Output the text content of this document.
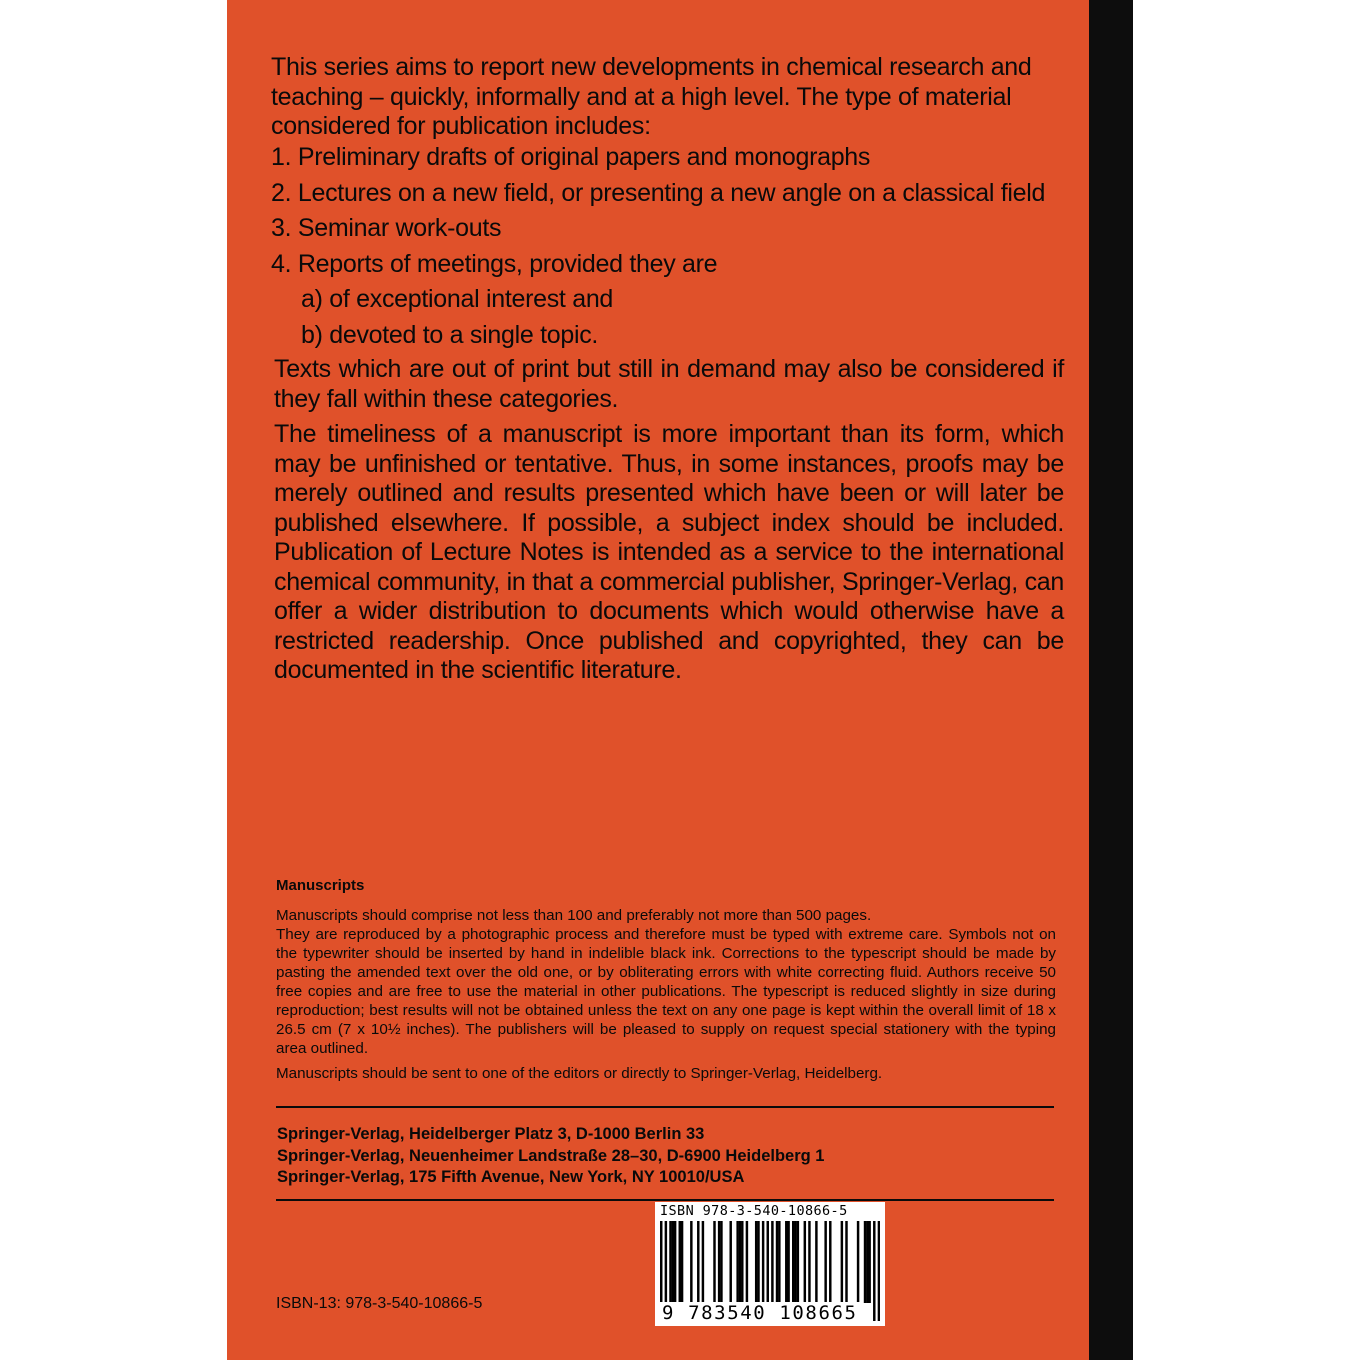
This series aims to report new developments in chemical research and teaching – quickly, informally and at a high level. The type of material considered for publication includes:
1. Preliminary drafts of original papers and monographs
2. Lectures on a new field, or presenting a new angle on a classical field
3. Seminar work-outs
4. Reports of meetings, provided they are
a) of exceptional interest and
b) devoted to a single topic.
Texts which are out of print but still in demand may also be considered if they fall within these categories.
The timeliness of a manuscript is more important than its form, which may be unfinished or tentative. Thus, in some instances, proofs may be merely outlined and results presented which have been or will later be published elsewhere. If possible, a subject index should be included. Publication of Lecture Notes is intended as a service to the international chemical community, in that a commercial publisher, Springer-Verlag, can offer a wider distribution to documents which would otherwise have a restricted readership. Once published and copyrighted, they can be documented in the scientific literature.
Manuscripts

Manuscripts should comprise not less than 100 and preferably not more than 500 pages.

They are reproduced by a photographic process and therefore must be typed with extreme care. Symbols not on the typewriter should be inserted by hand in indelible black ink. Corrections to the typescript should be made by pasting the amended text over the old one, or by obliterating errors with white correcting fluid. Authors receive 50 free copies and are free to use the material in other publications. The typescript is reduced slightly in size during reproduction; best results will not be obtained unless the text on any one page is kept within the overall limit of 18 x 26.5 cm (7 x 10½ inches). The publishers will be pleased to supply on request special stationery with the typing area outlined.

Manuscripts should be sent to one of the editors or directly to Springer-Verlag, Heidelberg.
Springer-Verlag, Heidelberger Platz 3, D-1000 Berlin 33
Springer-Verlag, Neuenheimer Landstraße 28–30, D-6900 Heidelberg 1
Springer-Verlag, 175 Fifth Avenue, New York, NY 10010/USA
ISBN-13: 978-3-540-10866-5
ISBN 978-3-540-10866-5
9 783540 108665
